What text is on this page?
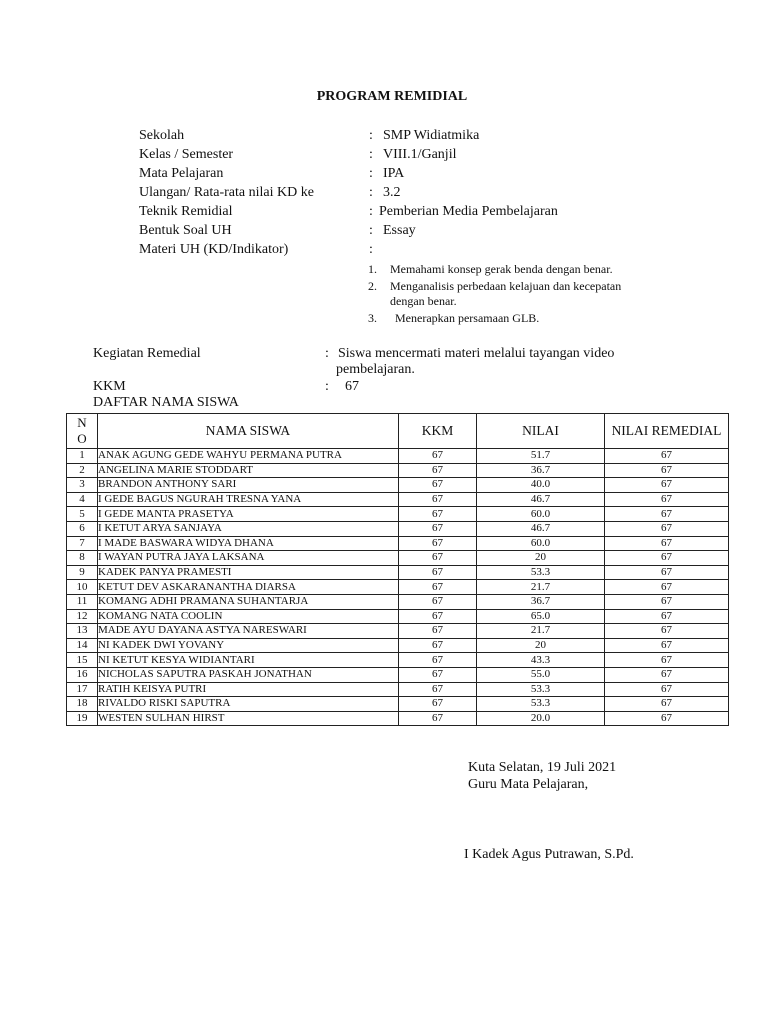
PROGRAM REMIDIAL
Sekolah	: SMP Widiatmika
Kelas / Semester	: VIII.1/Ganjil
Mata Pelajaran	: IPA
Ulangan/ Rata-rata nilai KD ke	: 3.2
Teknik Remidial	: Pemberian Media Pembelajaran
Bentuk Soal UH	: Essay
Materi UH (KD/Indikator)	:
1. Memahami konsep gerak benda dengan benar.
2. Menganalisis perbedaan kelajuan dan kecepatan
dengan benar.
3. Menerapkan persamaan GLB.
Kegiatan Remedial	: Siswa mencermati materi melalui tayangan video
pembelajaran.
KKM	: 67
DAFTAR NAMA SISWA
N
O	NAMA SISWA	KKM	NILAI	NILAI REMEDIAL
1	ANAK AGUNG GEDE WAHYU PERMANA PUTRA	67	51.7	67
2	ANGELINA MARIE STODDART	67	36.7	67
3	BRANDON ANTHONY SARI	67	40.0	67
4	I GEDE BAGUS NGURAH TRESNA YANA	67	46.7	67
5	I GEDE MANTA PRASETYA	67	60.0	67
6	I KETUT ARYA SANJAYA	67	46.7	67
7	I MADE BASWARA WIDYA DHANA	67	60.0	67
8	I WAYAN PUTRA JAYA LAKSANA	67	20	67
9	KADEK PANYA PRAMESTI	67	53.3	67
10	KETUT DEV ASKARANANTHA DIARSA	67	21.7	67
11	KOMANG ADHI PRAMANA SUHANTARJA	67	36.7	67
12	KOMANG NATA COOLIN	67	65.0	67
13	MADE AYU DAYANA ASTYA NARESWARI	67	21.7	67
14	NI KADEK DWI YOVANY	67	20	67
15	NI KETUT KESYA WIDIANTARI	67	43.3	67
16	NICHOLAS SAPUTRA PASKAH JONATHAN	67	55.0	67
17	RATIH KEISYA PUTRI	67	53.3	67
18	RIVALDO RISKI SAPUTRA	67	53.3	67
19	WESTEN SULHAN HIRST	67	20.0	67
Kuta Selatan, 19 Juli 2021
Guru Mata Pelajaran,
I Kadek Agus Putrawan, S.Pd.
